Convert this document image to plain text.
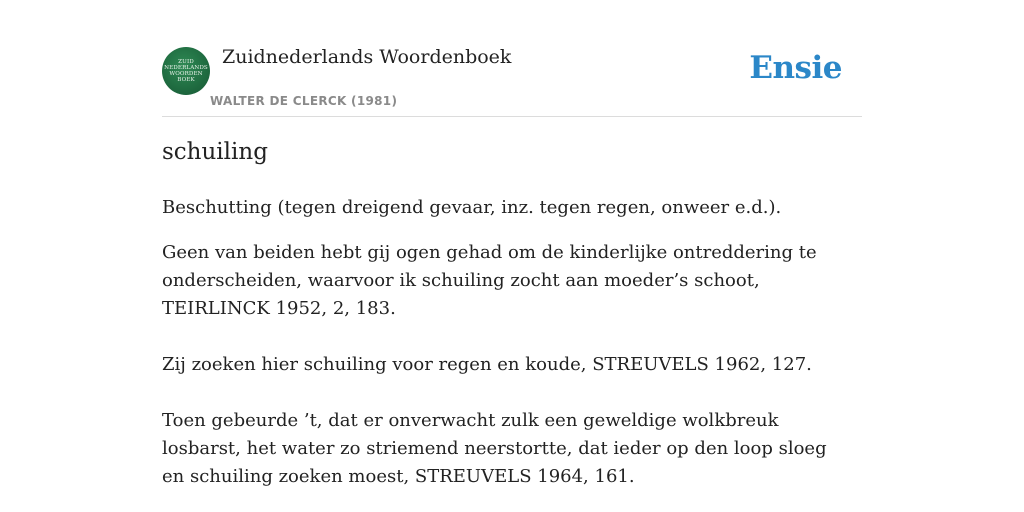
ZUID
NEDERLANDS
WOORDEN
BOEK
Zuidnederlands Woordenboek
WALTER DE CLERCK (1981)
Ensie
schuiling

Beschutting (tegen dreigend gevaar, inz. tegen regen, onweer e.d.).

Geen van beiden hebt gij ogen gehad om de kinderlijke ontreddering te onderscheiden, waarvoor ik schuiling zocht aan moeder’s schoot, TEIRLINCK 1952, 2, 183.

Zij zoeken hier schuiling voor regen en koude, STREUVELS 1962, 127.

Toen gebeurde ’t, dat er onverwacht zulk een geweldige wolkbreuk losbarst, het water zo striemend neerstortte, dat ieder op den loop sloeg en schuiling zoeken moest, STREUVELS 1964, 161.
